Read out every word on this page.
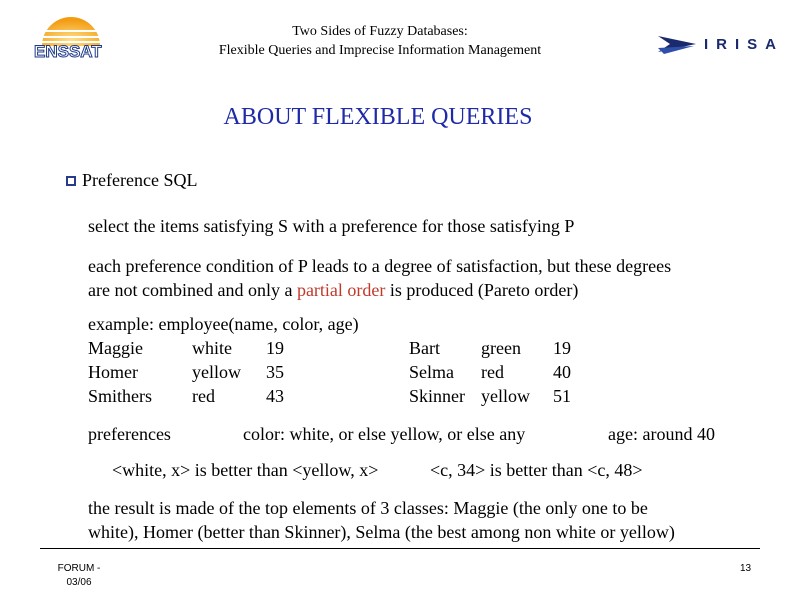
ENSSAT	IRISA
Two Sides of Fuzzy Databases:
Flexible Queries and Imprecise Information Management
ABOUT FLEXIBLE QUERIES
Preference SQL
select the items satisfying S with a preference for those satisfying P
each preference condition of P leads to a degree of satisfaction, but these degrees
are not combined and only a partial order is produced (Pareto order)
example: employee(name, color, age)
Maggie	white	19
Homer	yellow	35
Smithers	red	43
Bart	green	19
Selma	red	40
Skinner	yellow	51
preferences	color: white, or else yellow, or else any	age: around 40
<white, x> is better than <yellow, x>	<c, 34> is better than <c, 48>
the result is made of the top elements of 3 classes: Maggie (the only one to be
white), Homer (better than Skinner), Selma (the best among non white or yellow)
FORUM -
03/06
13
